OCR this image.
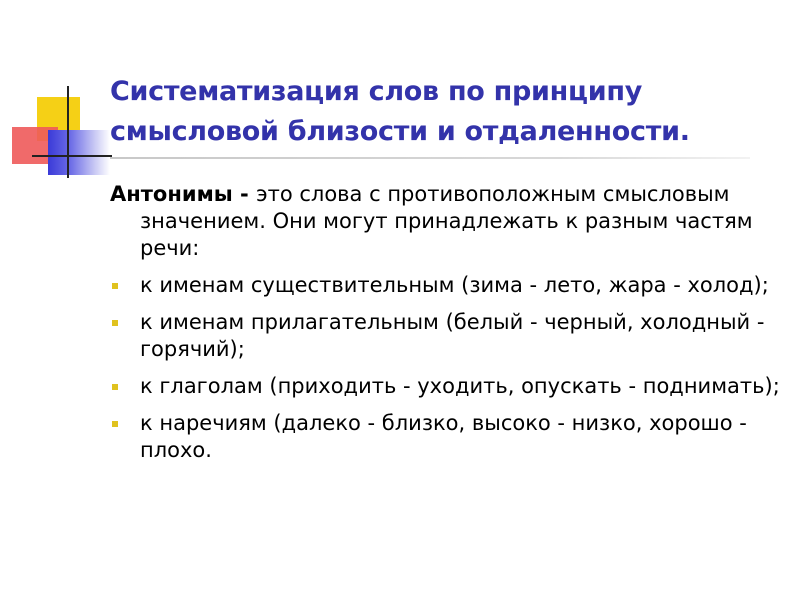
Систематизация слов по принципу смысловой близости и отдаленности.

Антонимы - это слова с противоположным смысловым значением. Они могут принадлежать к разным частям речи:

к именам существительным (зима - лето, жара - холод);
к именам прилагательным (белый - черный, холодный - горячий);
к глаголам (приходить - уходить, опускать - поднимать);
к наречиям (далеко - близко, высоко - низко, хорошо - плохо.
